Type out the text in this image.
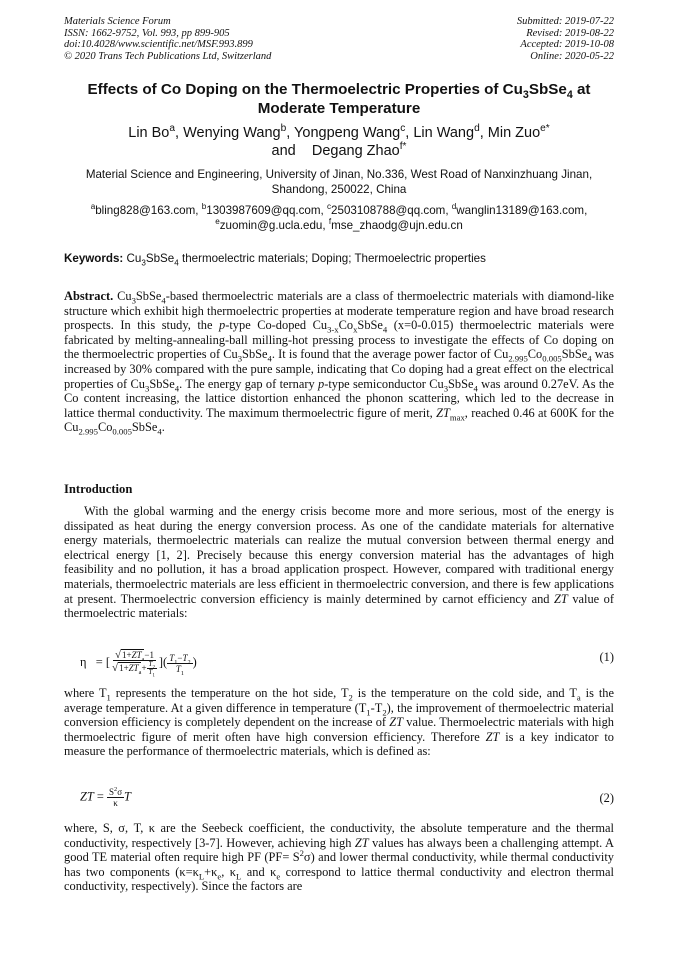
Materials Science Forum
ISSN: 1662-9752, Vol. 993, pp 899-905
doi:10.4028/www.scientific.net/MSF.993.899
© 2020 Trans Tech Publications Ltd, Switzerland
Submitted: 2019-07-22
Revised: 2019-08-22
Accepted: 2019-10-08
Online: 2020-05-22
Effects of Co Doping on the Thermoelectric Properties of $Cu_3SbSe_4$ at Moderate Temperature
Lin Bo$^a$, Wenying Wang$^b$, Yongpeng Wang$^c$, Lin Wang$^d$, Min Zuo$^{e*}$
and Degang Zhao$^{f*}$
Material Science and Engineering, University of Jinan, No.336, West Road of Nanxinzhuang Jinan, Shandong, 250022, China
$^a$bling828@163.com, $^b$1303987609@qq.com, $^c$2503108788@qq.com, $^d$wanglin13189@163.com,
$^e$zuomin@g.ucla.edu, $^f$mse_zhaodg@ujn.edu.cn
Keywords: $Cu_3SbSe_4$ thermoelectric materials; Doping; Thermoelectric properties
Abstract. $Cu_3SbSe_4$-based thermoelectric materials are a class of thermoelectric materials with diamond-like structure which exhibit high thermoelectric properties at moderate temperature region and have broad research prospects. In this study, the p-type Co-doped $Cu_{3-x}Co_xSbSe_4$ (x=0-0.015) thermoelectric materials were fabricated by melting-annealing-ball milling-hot pressing process to investigate the effects of Co doping on the thermoelectric properties of $Cu_3SbSe_4$. It is found that the average power factor of $Cu_{2.995}Co_{0.005}SbSe_4$ was increased by 30% compared with the pure sample, indicating that Co doping had a great effect on the electrical properties of $Cu_3SbSe_4$. The energy gap of ternary p-type semiconductor $Cu_3SbSe_4$ was around 0.27eV. As the Co content increasing, the lattice distortion enhanced the phonon scattering, which led to the decrease in lattice thermal conductivity. The maximum thermoelectric figure of merit, $ZT_{max}$, reached 0.46 at 600K for the $Cu_{2.995}Co_{0.005}SbSe_4$.
Introduction
With the global warming and the energy crisis become more and more serious, most of the energy is dissipated as heat during the energy conversion process. As one of the candidate materials for alternative energy materials, thermoelectric materials can realize the mutual conversion between thermal energy and electrical energy [1, 2]. Precisely because this energy conversion material has the advantages of high feasibility and no pollution, it has a broad application prospect. However, compared with traditional energy materials, thermoelectric materials are less efficient in thermoelectric conversion, and there is few applications at present. Thermoelectric conversion efficiency is mainly determined by carnot efficiency and ZT value of thermoelectric materials:
η = [ $\frac{√1+ZT_a-1}{√1+ZT_a+ \frac{T_2}{T_1}}$ ]( $\frac{T_1-T_2}{T_1}$ )	(1)
where $T_1$ represents the temperature on the hot side, $T_2$ is the temperature on the cold side, and $T_a$ is the average temperature. At a given difference in temperature $(T_1-T_2)$, the improvement of thermoelectric material conversion efficiency is completely dependent on the increase of ZT value. Thermoelectric materials with high thermoelectric figure of merit often have high conversion efficiency. Therefore ZT is a key indicator to measure the performance of thermoelectric materials, which is defined as:
ZT = $\frac{S^2\sigma}{\kappa}$ T	(2)
where, S, σ, T, κ are the Seebeck coefficient, the conductivity, the absolute temperature and the thermal conductivity, respectively [3-7]. However, achieving high ZT values has always been a challenging attempt. A good TE material often require high PF $(PF= S^2\sigma)$ and lower thermal conductivity, while thermal conductivity has two components ($\kappa=\kappa_L+\kappa_e$, $\kappa_L$ and $\kappa_e$ correspond to lattice thermal conductivity and electron thermal conductivity, respectively). Since the factors are
